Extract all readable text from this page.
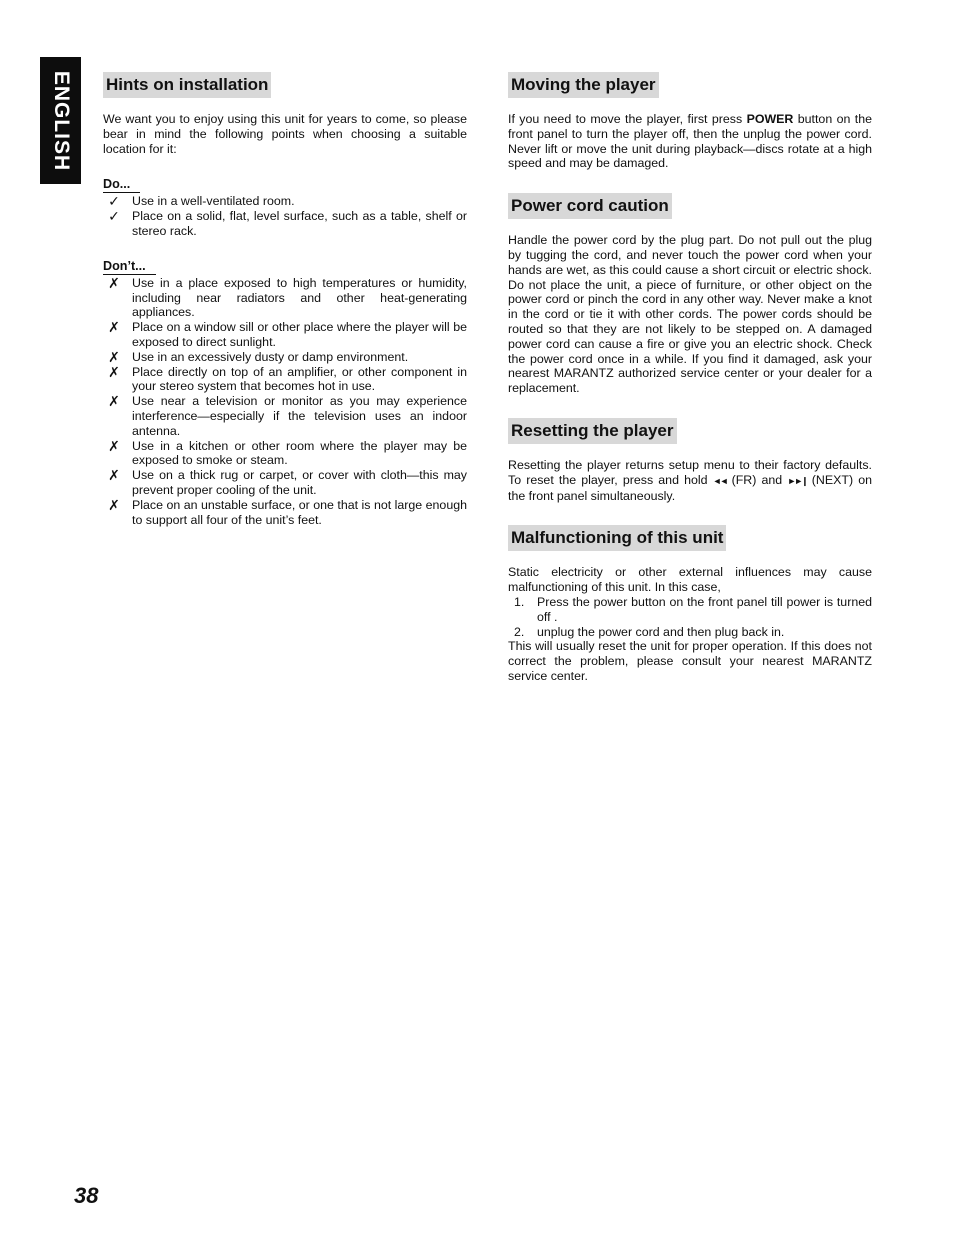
ENGLISH Hints on installation

We want you to enjoy using this unit for years to come, so please bear in mind the following points when choosing a suitable location for it:

Do...
✓ Use in a well-ventilated room.
✓ Place on a solid, flat, level surface, such as a table, shelf or stereo rack.
Don’t...
✗ Use in a place exposed to high temperatures or humidity, including near radiators and other heat-generating appliances.
✗ Place on a window sill or other place where the player will be exposed to direct sunlight.
✗ Use in an excessively dusty or damp environment.
✗ Place directly on top of an amplifier, or other component in your stereo system that becomes hot in use.
✗ Use near a television or monitor as you may experience interference—especially if the television uses an indoor antenna.
✗ Use in a kitchen or other room where the player may be exposed to smoke or steam.
✗ Use on a thick rug or carpet, or cover with cloth—this may prevent proper cooling of the unit.
✗ Place on an unstable surface, or one that is not large enough to support all four of the unit’s feet.
Moving the player

If you need to move the player, first press POWER button on the front panel to turn the player off, then the unplug the power cord. Never lift or move the unit during playback—discs rotate at a high speed and may be damaged.

Power cord caution

Handle the power cord by the plug part. Do not pull out the plug by tugging the cord, and never touch the power cord when your hands are wet, as this could cause a short circuit or electric shock. Do not place the unit, a piece of furniture, or other object on the power cord or pinch the cord in any other way. Never make a knot in the cord or tie it with other cords. The power cords should be routed so that they are not likely to be stepped on. A damaged power cord can cause a fire or give you an electric shock. Check the power cord once in a while. If you find it damaged, ask your nearest MARANTZ authorized service center or your dealer for a replacement.

Resetting the player

Resetting the player returns setup menu to their factory defaults. To reset the player, press and hold ◄◄ (FR) and ►►❙ (NEXT) on the front panel simultaneously.

Malfunctioning of this unit

Static electricity or other external influences may cause malfunctioning of this unit. In this case,

1. Press the power button on the front panel till power is turned off .
2. unplug the power cord and then plug back in.

This will usually reset the unit for proper operation. If this does not correct the problem, please consult your nearest MARANTZ service center.

38
